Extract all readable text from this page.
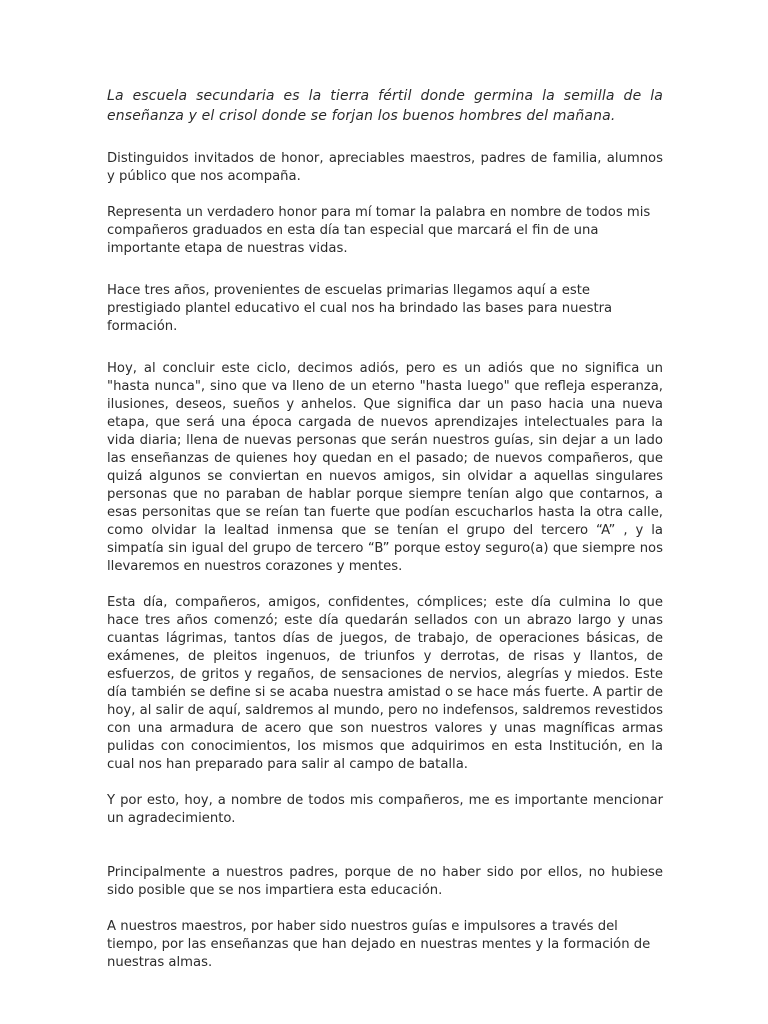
La escuela secundaria es la tierra fértil donde germina la semilla de la enseñanza y el crisol donde se forjan los buenos hombres del mañana.

Distinguidos invitados de honor, apreciables maestros, padres de familia, alumnos y público que nos acompaña.

Representa un verdadero honor para mí tomar la palabra en nombre de todos mis compañeros graduados en esta día tan especial que marcará el fin de una importante etapa de nuestras vidas.

Hace tres años, provenientes de escuelas primarias llegamos aquí a este prestigiado plantel educativo el cual nos ha brindado las bases para nuestra formación.

Hoy, al concluir este ciclo, decimos adiós, pero es un adiós que no significa un "hasta nunca", sino que va lleno de un eterno "hasta luego" que refleja esperanza, ilusiones, deseos, sueños y anhelos. Que significa dar un paso hacia una nueva etapa, que será una época cargada de nuevos aprendizajes intelectuales para la vida diaria; llena de nuevas personas que serán nuestros guías, sin dejar a un lado las enseñanzas de quienes hoy quedan en el pasado; de nuevos compañeros, que quizá algunos se conviertan en nuevos amigos, sin olvidar a aquellas singulares personas que no paraban de hablar porque siempre tenían algo que contarnos, a esas personitas que se reían tan fuerte que podían escucharlos hasta la otra calle, como olvidar la lealtad inmensa que se tenían el grupo del tercero “A” , y la simpatía sin igual del grupo de tercero “B” porque estoy seguro(a) que siempre nos llevaremos en nuestros corazones y mentes.

Esta día, compañeros, amigos, confidentes, cómplices; este día culmina lo que hace tres años comenzó; este día quedarán sellados con un abrazo largo y unas cuantas lágrimas, tantos días de juegos, de trabajo, de operaciones básicas, de exámenes, de pleitos ingenuos, de triunfos y derrotas, de risas y llantos, de esfuerzos, de gritos y regaños, de sensaciones de nervios, alegrías y miedos. Este día también se define si se acaba nuestra amistad o se hace más fuerte. A partir de hoy, al salir de aquí, saldremos al mundo, pero no indefensos, saldremos revestidos con una armadura de acero que son nuestros valores y unas magníficas armas pulidas con conocimientos, los mismos que adquirimos en esta Institución, en la cual nos han preparado para salir al campo de batalla.

Y por esto, hoy, a nombre de todos mis compañeros, me es importante mencionar un agradecimiento.

Principalmente a nuestros padres, porque de no haber sido por ellos, no hubiese sido posible que se nos impartiera esta educación.

A nuestros maestros, por haber sido nuestros guías e impulsores a través del tiempo, por las enseñanzas que han dejado en nuestras mentes y la formación de nuestras almas.
